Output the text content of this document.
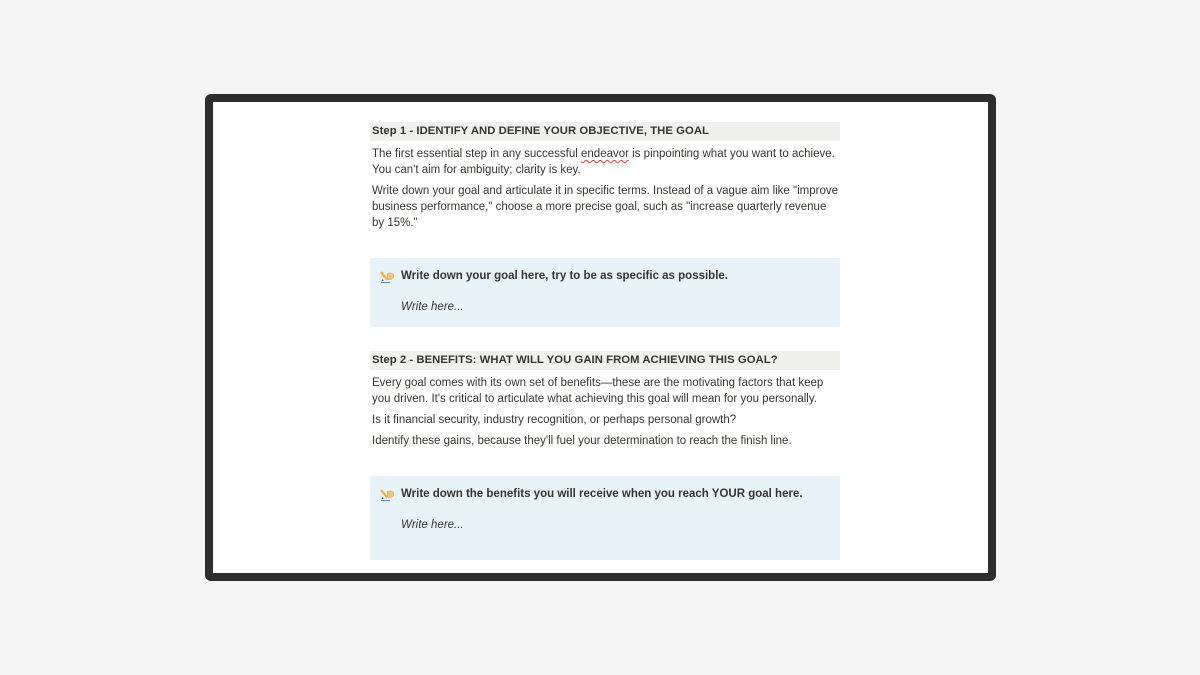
Step 1 - IDENTIFY AND DEFINE YOUR OBJECTIVE, THE GOAL

The first essential step in any successful endeavor is pinpointing what you want to achieve. You can't aim for ambiguity; clarity is key.

Write down your goal and articulate it in specific terms. Instead of a vague aim like "improve business performance," choose a more precise goal, such as "increase quarterly revenue by 15%."

Write down your goal here, try to be as specific as possible.
Write here...
Step 2 - BENEFITS: WHAT WILL YOU GAIN FROM ACHIEVING THIS GOAL?

Every goal comes with its own set of benefits—these are the motivating factors that keep you driven. It's critical to articulate what achieving this goal will mean for you personally.

Is it financial security, industry recognition, or perhaps personal growth?

Identify these gains, because they'll fuel your determination to reach the finish line.

Write down the benefits you will receive when you reach YOUR goal here.
Write here...
